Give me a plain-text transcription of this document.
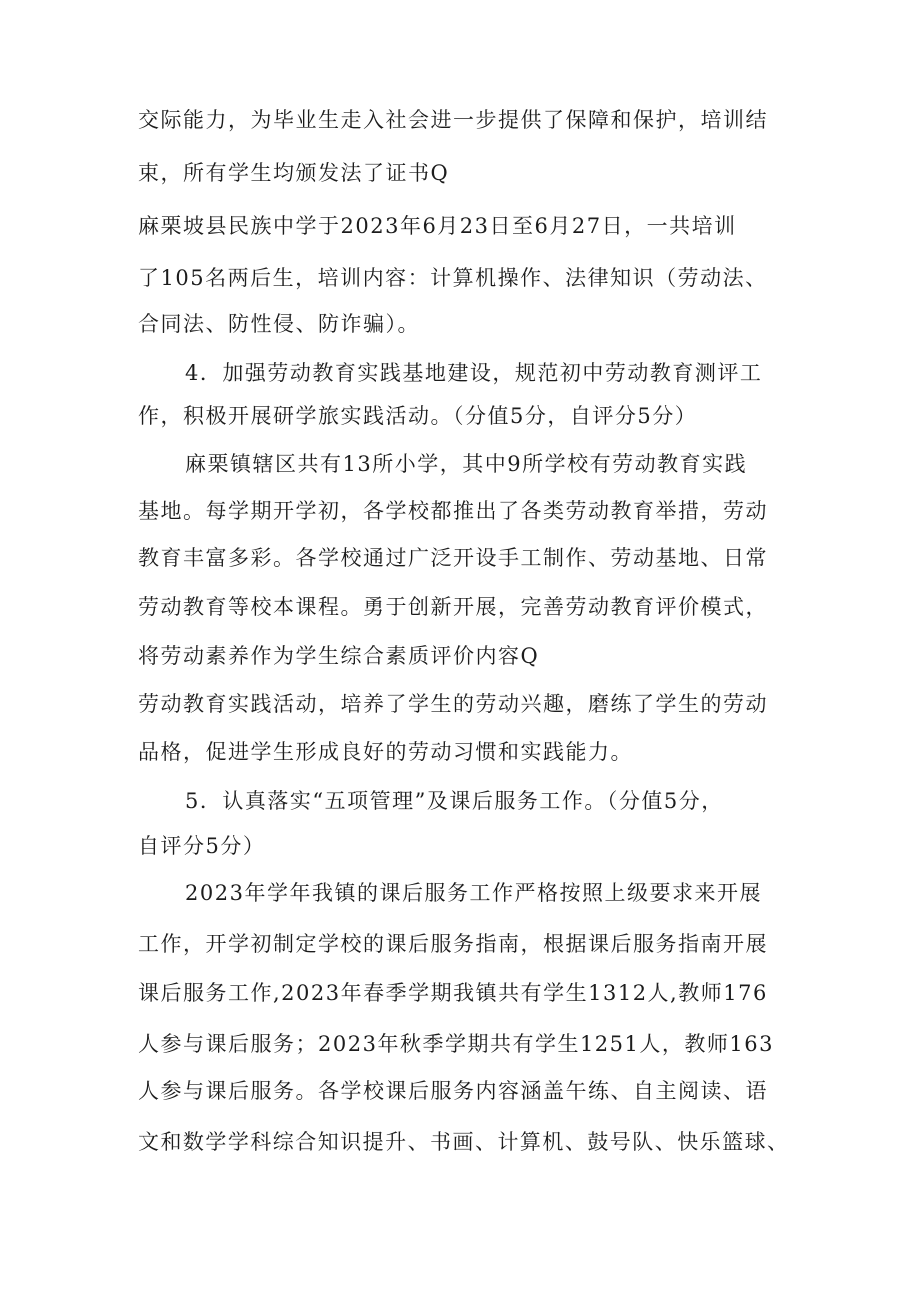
交际能力，为毕业生走入社会进一步提供了保障和保护，培训结
束，所有学生均颁发法了证书Q
麻栗坡县民族中学于2023年6月23日至6月27日，一共培训
了105名两后生，培训内容：计算机操作、法律知识（劳动法、
合同法、防性侵、防诈骗）。
4．加强劳动教育实践基地建设，规范初中劳动教育测评工
作，积极开展研学旅实践活动。（分值5分，自评分5分）
麻栗镇辖区共有13所小学，其中9所学校有劳动教育实践
基地。每学期开学初，各学校都推出了各类劳动教育举措，劳动
教育丰富多彩。各学校通过广泛开设手工制作、劳动基地、日常
劳动教育等校本课程。勇于创新开展，完善劳动教育评价模式，
将劳动素养作为学生综合素质评价内容Q
劳动教育实践活动，培养了学生的劳动兴趣，磨练了学生的劳动
品格，促进学生形成良好的劳动习惯和实践能力。
5．认真落实“五项管理”及课后服务工作。（分值5分，
自评分5分）
2023年学年我镇的课后服务工作严格按照上级要求来开展
工作，开学初制定学校的课后服务指南，根据课后服务指南开展
课后服务工作,2023年春季学期我镇共有学生1312人,教师176
人参与课后服务；2023年秋季学期共有学生1251人，教师163
人参与课后服务。各学校课后服务内容涵盖午练、自主阅读、语
文和数学学科综合知识提升、书画、计算机、鼓号队、快乐篮球、
